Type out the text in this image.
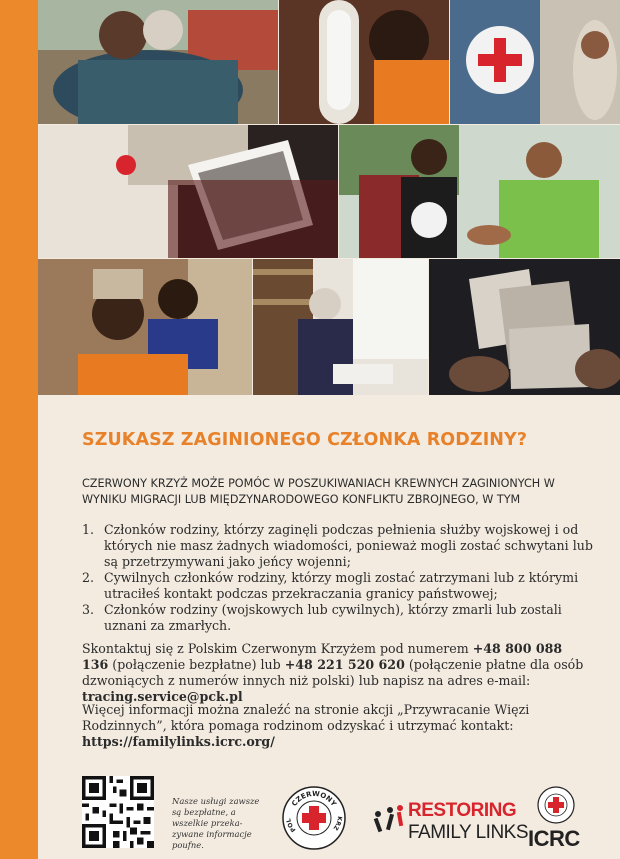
SZUKASZ ZAGINIONEGO CZŁONKA RODZINY?

CZERWONY KRZYŻ MOŻE POMÓC W POSZUKIWANIACH KREWNYCH ZAGINIONYCH W WYNIKU MIGRACJI LUB MIĘDZYNARODOWEGO KONFLIKTU ZBROJNEGO, W TYM

1. Członków rodziny, którzy zaginęli podczas pełnienia służby wojskowej i od których nie masz żadnych wiadomości, ponieważ mogli zostać schwytani lub są przetrzymywani jako jeńcy wojenni;
2. Cywilnych członków rodziny, którzy mogli zostać zatrzymani lub z którymi utraciłeś kontakt podczas przekraczania granicy państwowej;
3. Członków rodziny (wojskowych lub cywilnych), którzy zmarli lub zostali uznani za zmarłych.

Skontaktuj się z Polskim Czerwonym Krzyżem pod numerem +48 800 088 136 (połączenie bezpłatne) lub +48 221 520 620 (połączenie płatne dla osób dzwoniących z numerów innych niż polski) lub napisz na adres e-mail: tracing.service@pck.pl

Więcej informacji można znaleźć na stronie akcji „Przywracanie Więzi Rodzinnych”, która pomaga rodzinom odzyskać i utrzymać kontakt: https://familylinks.icrc.org/

Nasze usługi zawsze są bezpłatne, a wszelkie przeka-zywane informacje poufne.

CZERWONY
POL	KRZ
RESTORING
FAMILY LINKS ICRC
